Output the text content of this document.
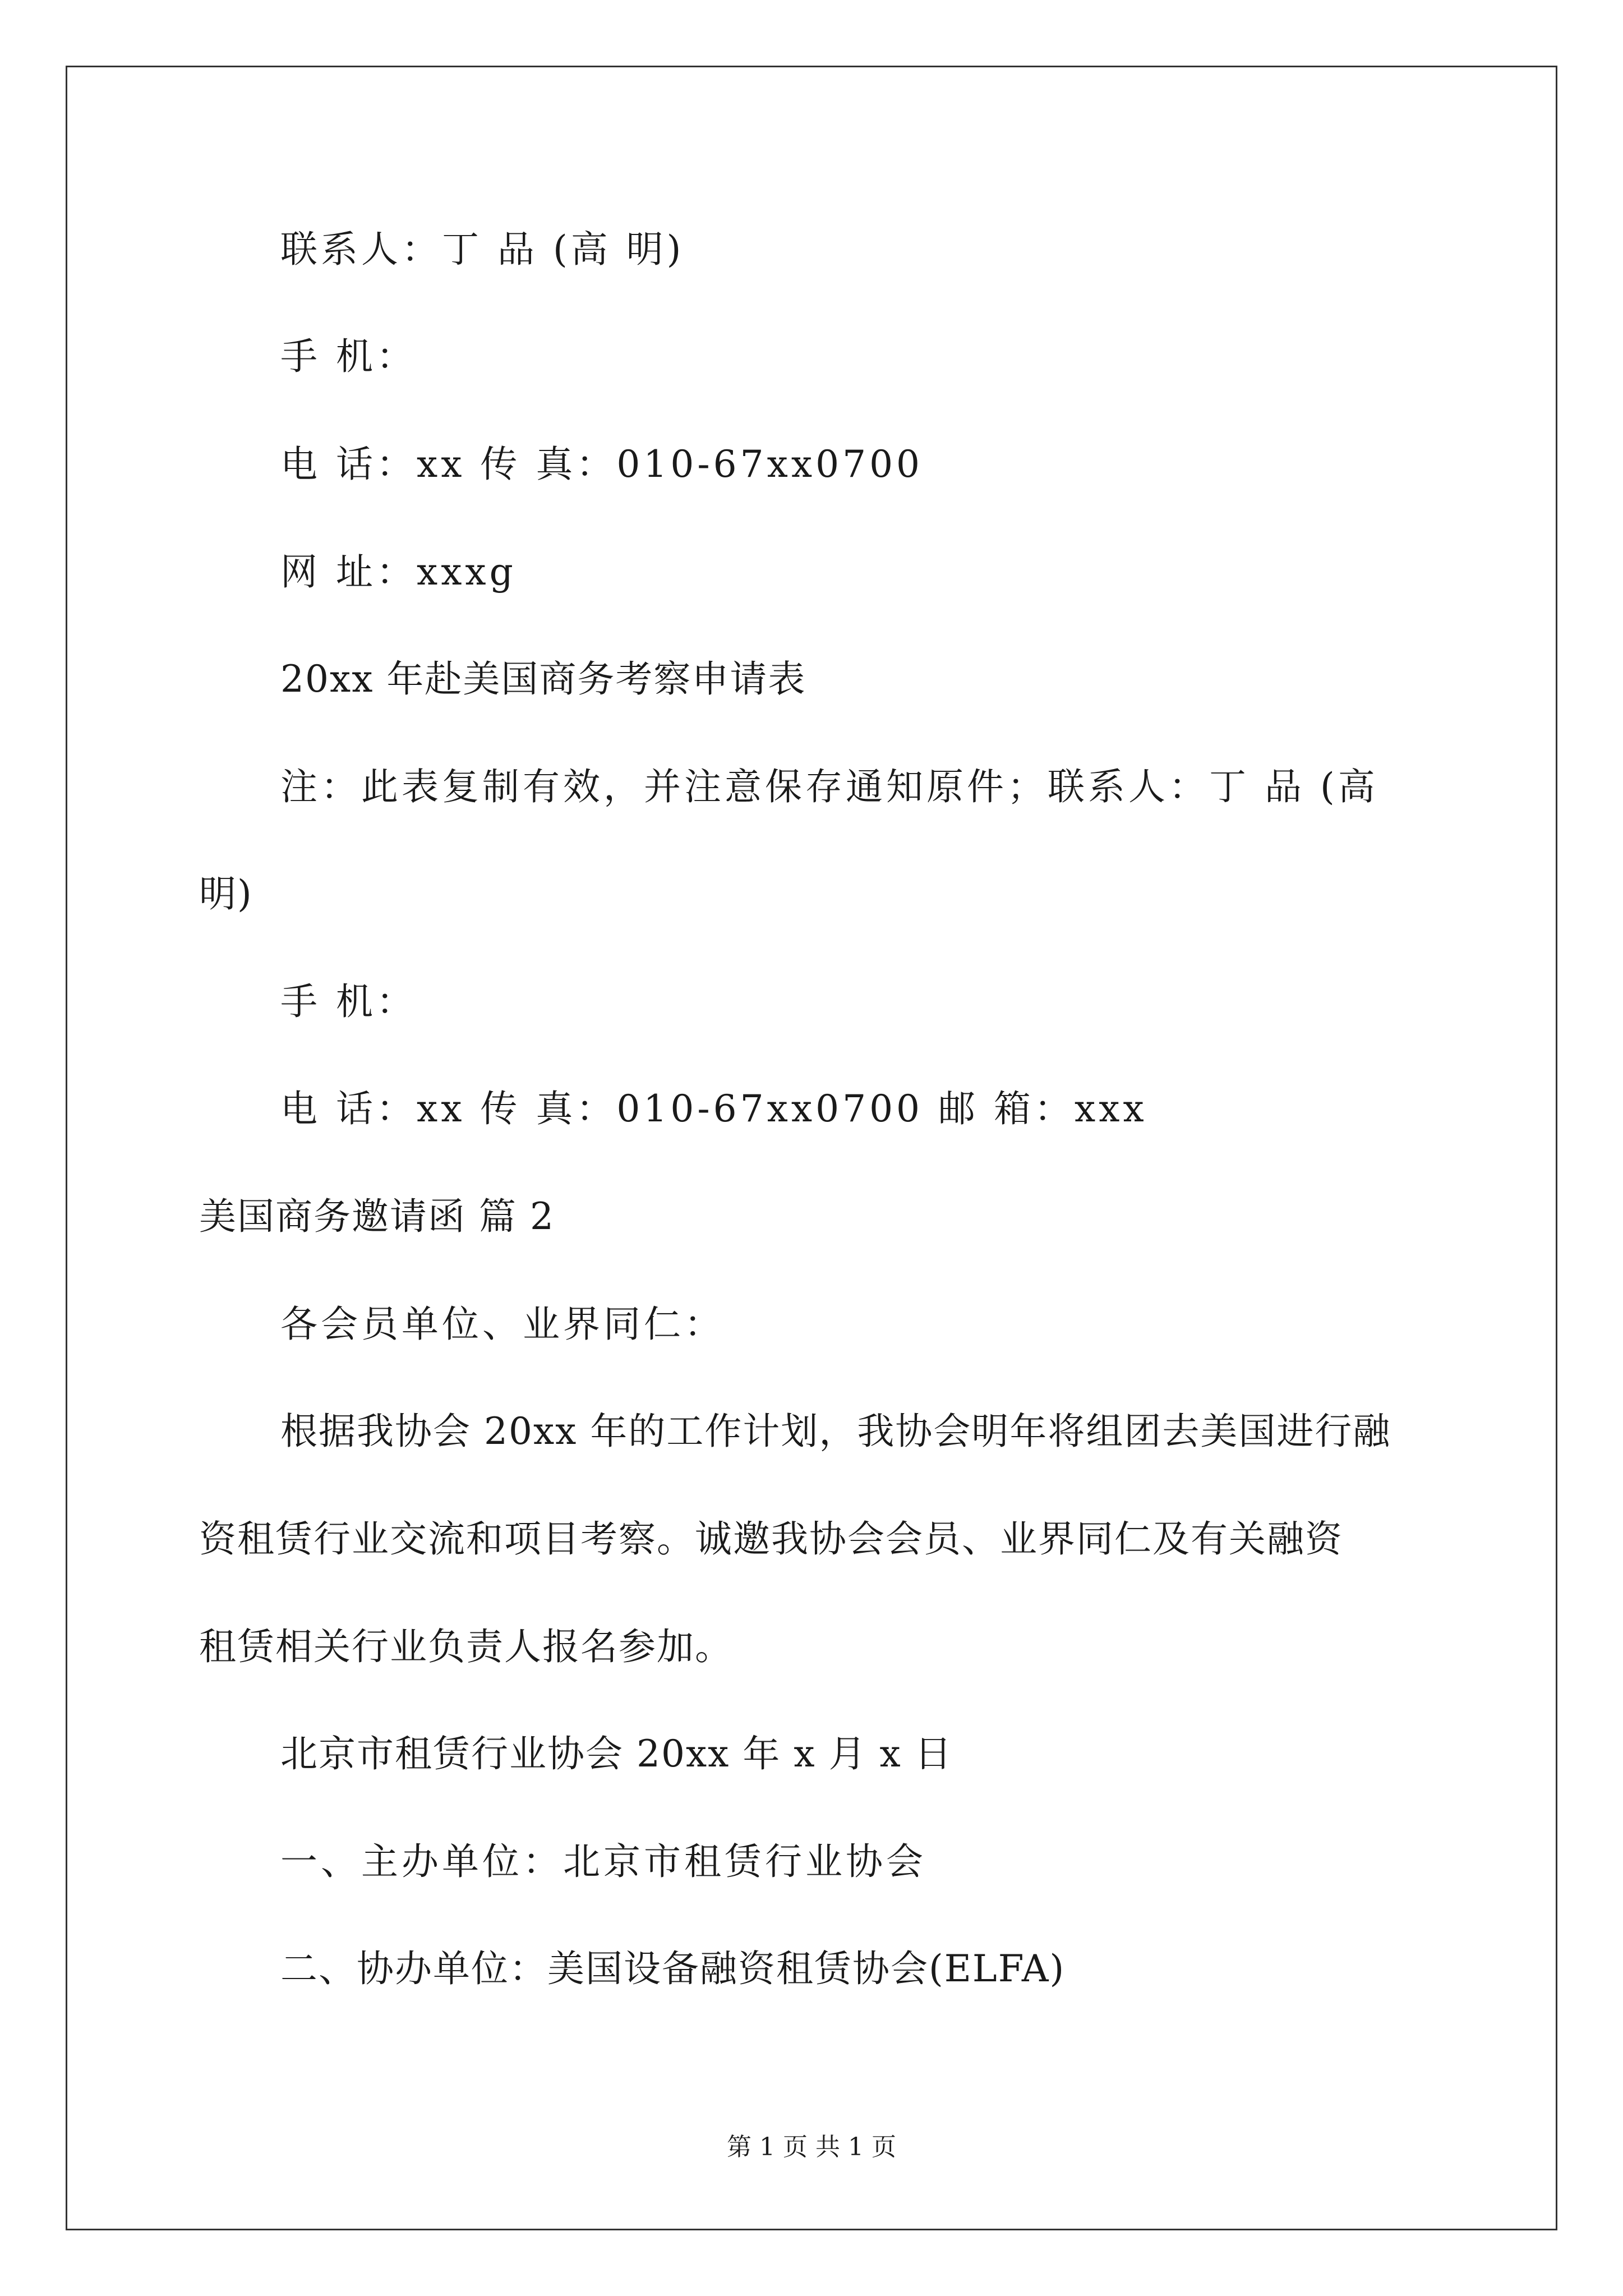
联系人：丁 品 (高 明)
手 机：
电 话：xx 传 真：010-67xx0700
网 址：xxxg
20xx 年赴美国商务考察申请表
注：此表复制有效，并注意保存通知原件；联系人：丁 品 (高
明)
手 机：
电 话：xx 传 真：010-67xx0700 邮 箱：xxx
美国商务邀请函 篇 2
各会员单位、业界同仁：
根据我协会 20xx 年的工作计划，我协会明年将组团去美国进行融
资租赁行业交流和项目考察。诚邀我协会会员、业界同仁及有关融资
租赁相关行业负责人报名参加。
北京市租赁行业协会 20xx 年 x 月 x 日
一、主办单位：北京市租赁行业协会
二、协办单位：美国设备融资租赁协会(ELFA)
第 1 页 共 1 页
